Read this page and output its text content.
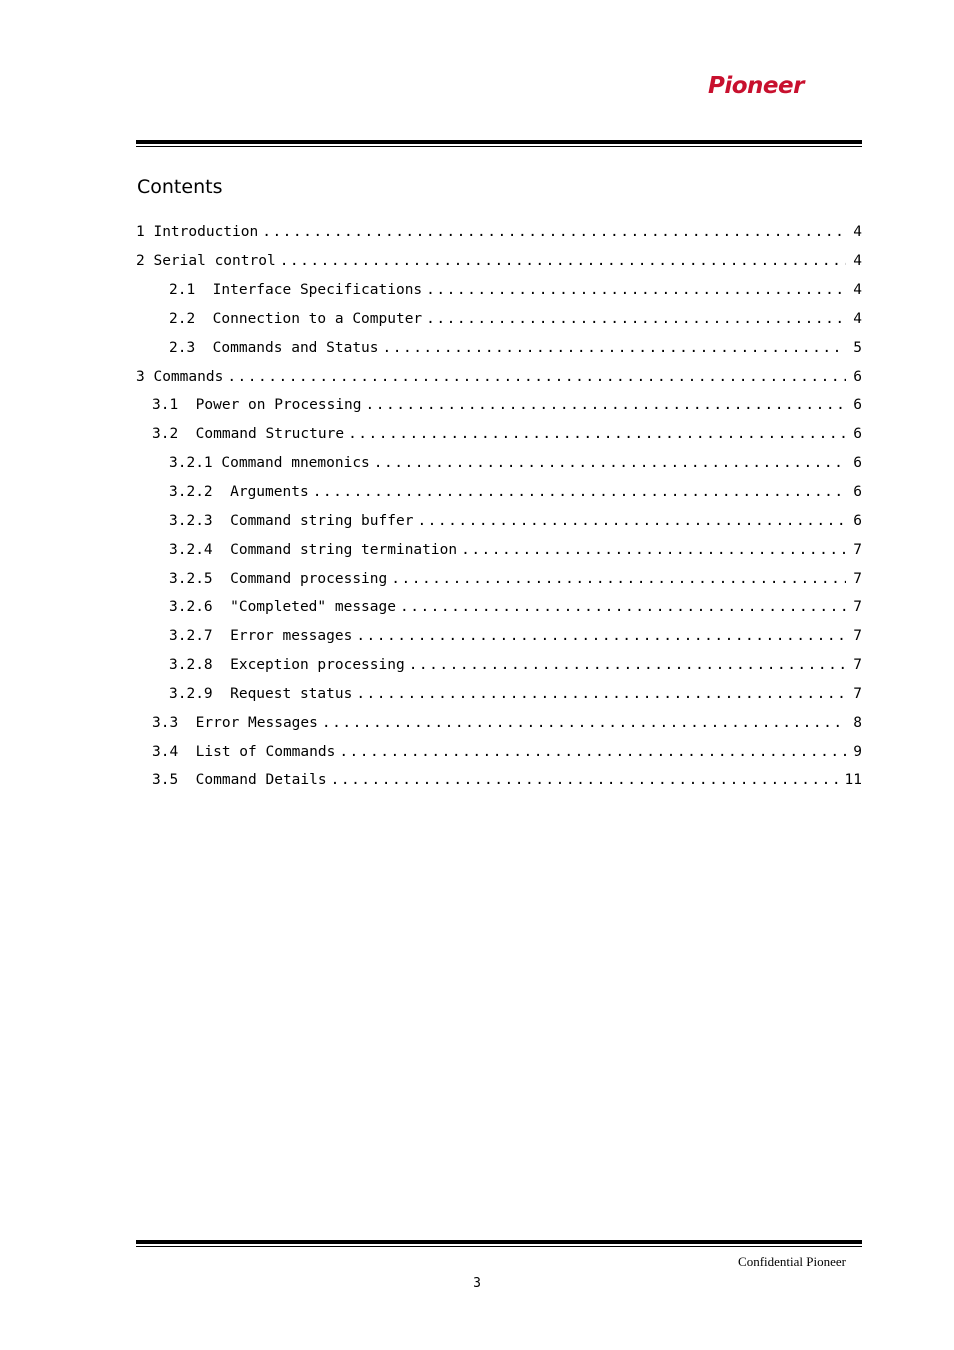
Pioneer
Contents
1 Introduction .....	4
2 Serial control .....	4
2.1  Interface Specifications .....	4
2.2  Connection to a Computer .....	4
2.3  Commands and Status .....	5
3 Commands .....	6
3.1  Power on Processing .....	6
3.2  Command Structure .....	6
3.2.1 Command mnemonics .....	6
3.2.2  Arguments .....	6
3.2.3  Command string buffer .....	6
3.2.4  Command string termination .....	7
3.2.5  Command processing .....	7
3.2.6  "Completed" message .....	7
3.2.7  Error messages .....	7
3.2.8  Exception processing .....	7
3.2.9  Request status .....	7
3.3  Error Messages .....	8
3.4  List of Commands .....	9
3.5  Command Details .....	11
Confidential Pioneer
3
